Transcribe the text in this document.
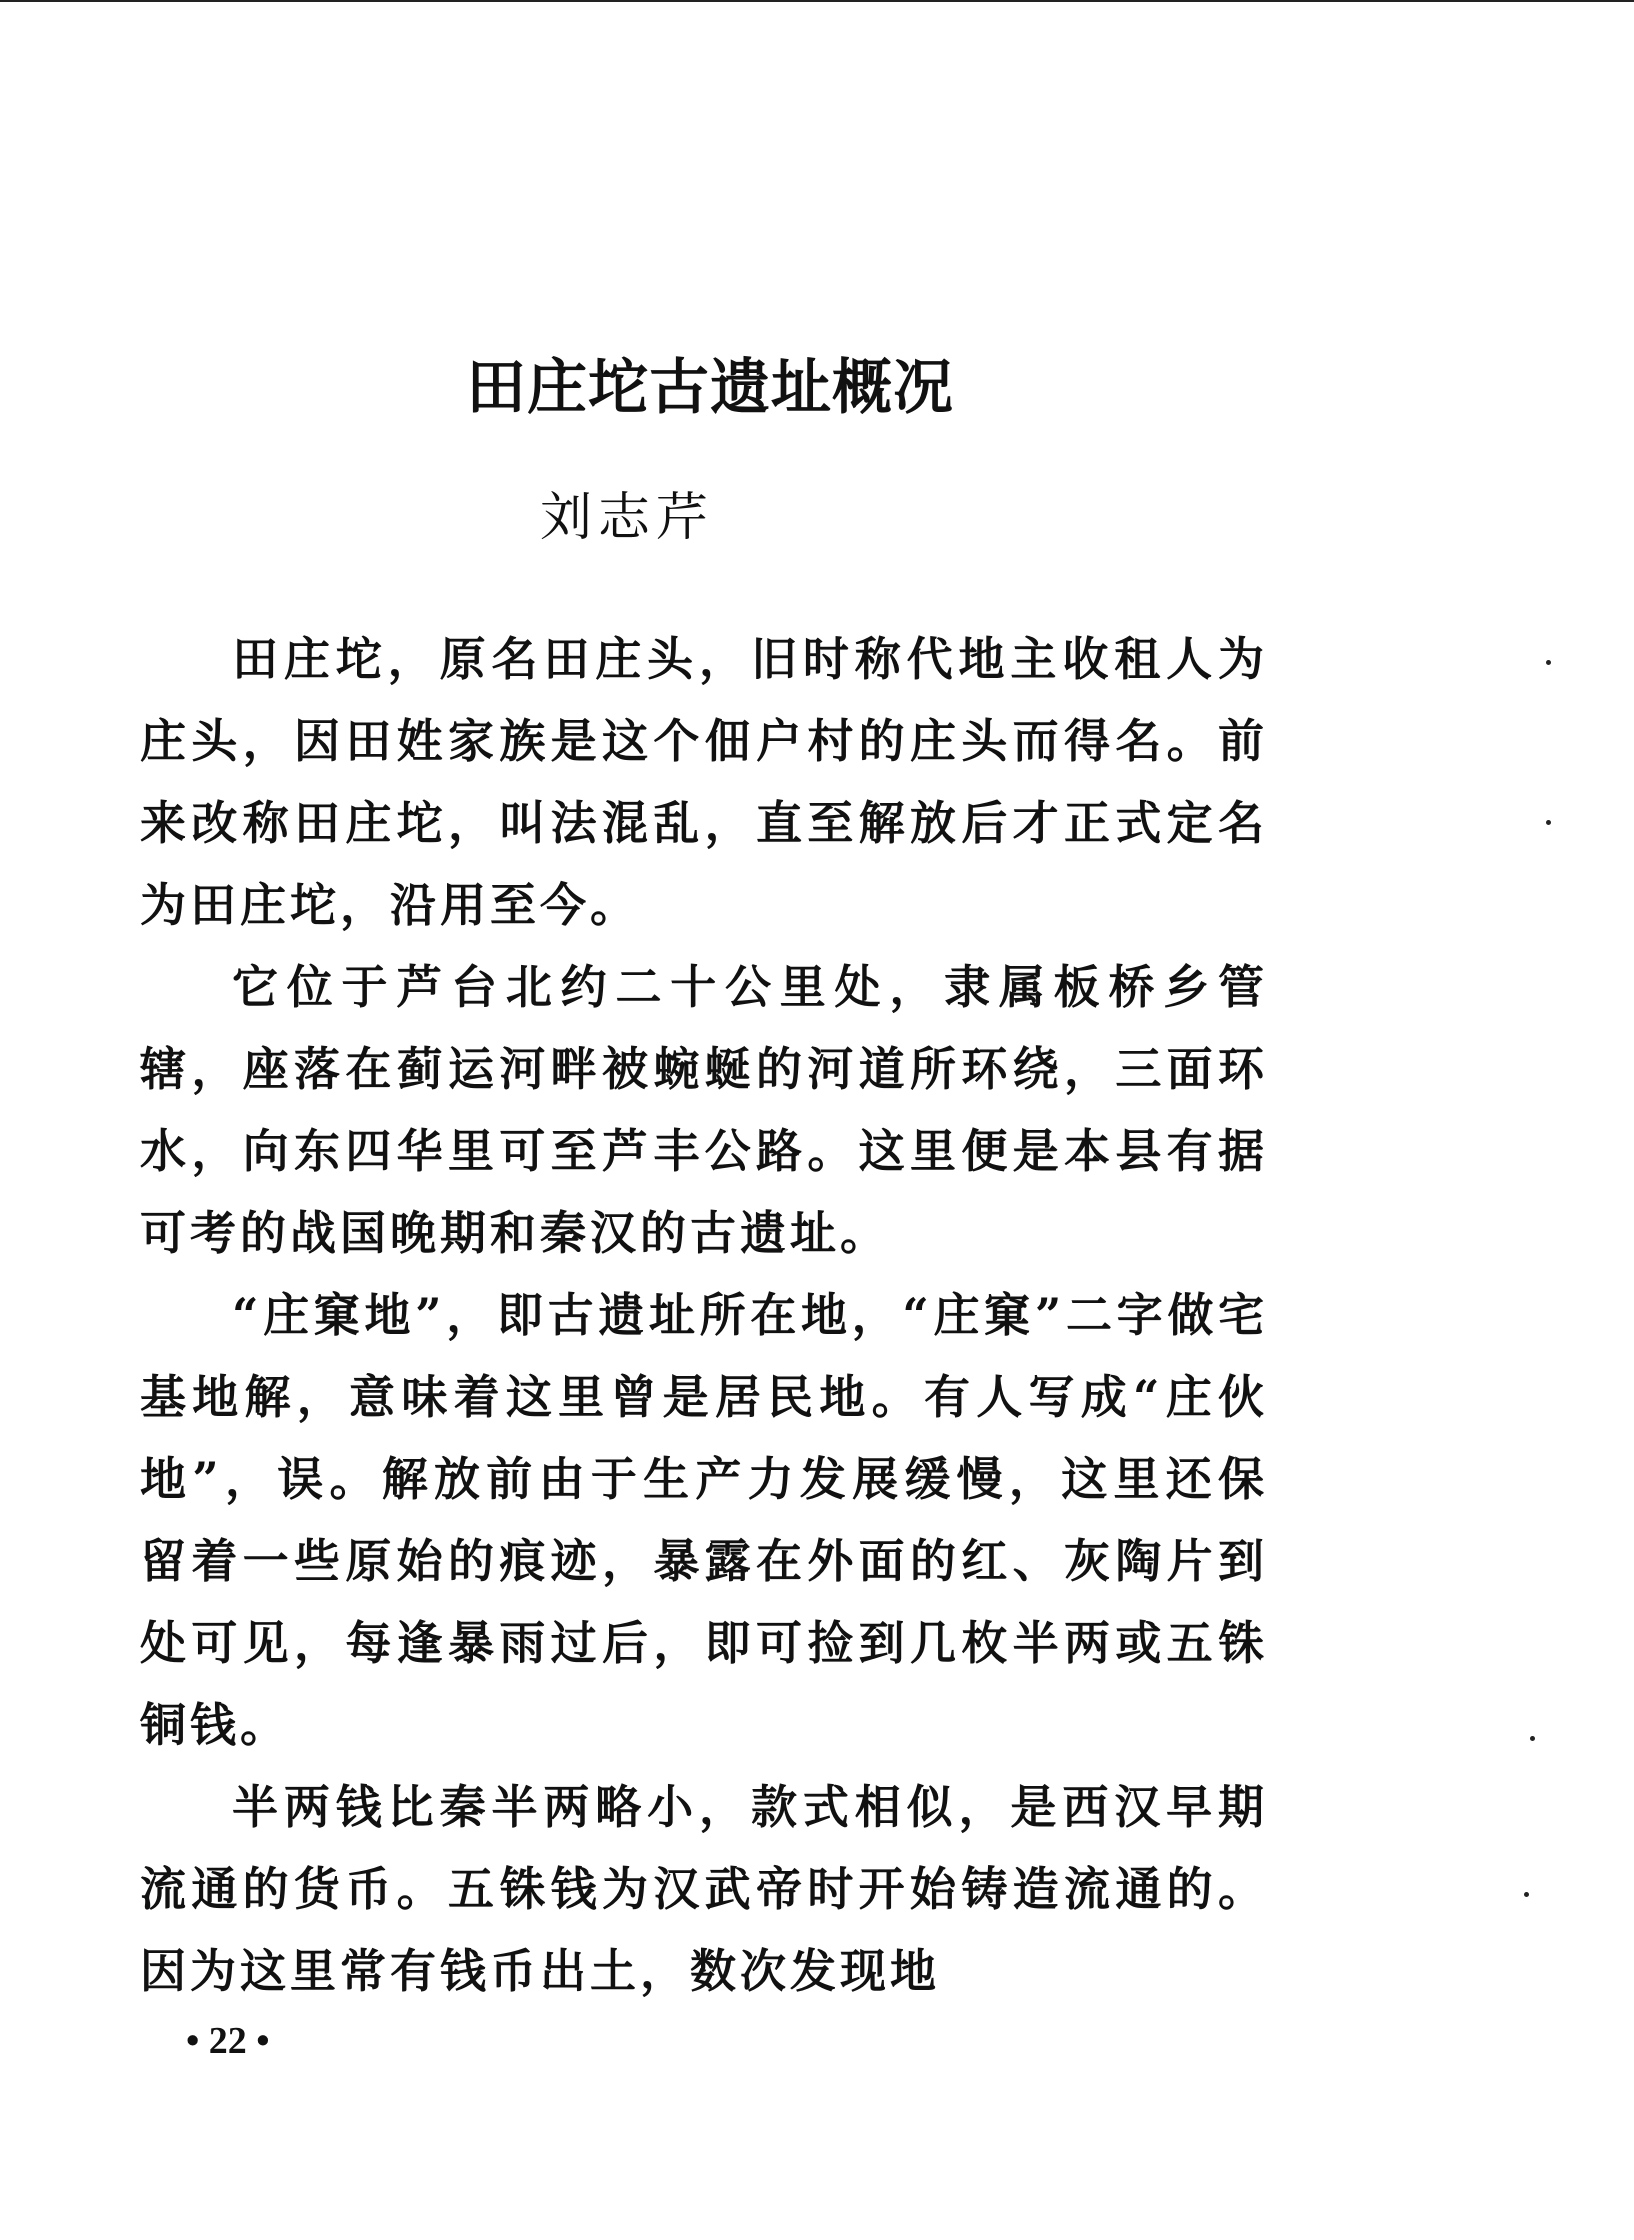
田庄坨古遗址概况

刘志芹

田庄坨，原名田庄头，旧时称代地主收租人为庄头，因田姓家族是这个佃户村的庄头而得名。前来改称田庄坨，叫法混乱，直至解放后才正式定名为田庄坨，沿用至今。

它位于芦台北约二十公里处，隶属板桥乡管辖，座落在蓟运河畔被蜿蜒的河道所环绕，三面环水，向东四华里可至芦丰公路。这里便是本县有据可考的战国晚期和秦汉的古遗址。

“庄窠地”，即古遗址所在地，“庄窠”二字做宅基地解，意味着这里曾是居民地。有人写成“庄伙地”，误。解放前由于生产力发展缓慢，这里还保留着一些原始的痕迹，暴露在外面的红、灰陶片到处可见，每逢暴雨过后，即可捡到几枚半两或五铢铜钱。

半两钱比秦半两略小，款式相似，是西汉早期流通的货币。五铢钱为汉武帝时开始铸造流通的。因为这里常有钱币出土，数次发现地

• 22 •
